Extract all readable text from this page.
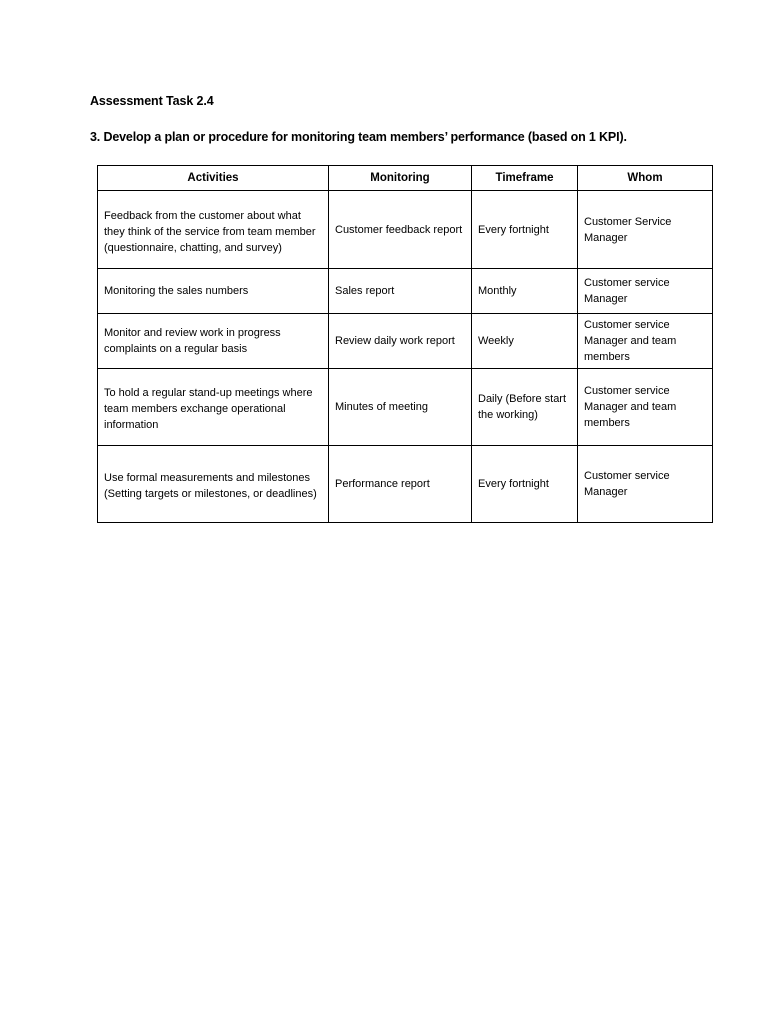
Assessment Task 2.4
3. Develop a plan or procedure for monitoring team members’ performance (based on 1 KPI).
Activities	Monitoring	Timeframe	Whom
Feedback from the customer about what they think of the service from team member (questionnaire, chatting, and survey)	Customer feedback report	Every fortnight	Customer Service Manager
Monitoring the sales numbers	Sales report	Monthly	Customer service Manager
Monitor and review work in progress complaints on a regular basis	Review daily work report	Weekly	Customer service Manager and team members
To hold a regular stand-up meetings where team members exchange operational information	Minutes of meeting	Daily (Before start the working)	Customer service Manager and team members
Use formal measurements and milestones (Setting targets or milestones, or deadlines)	Performance report	Every fortnight	Customer service Manager
